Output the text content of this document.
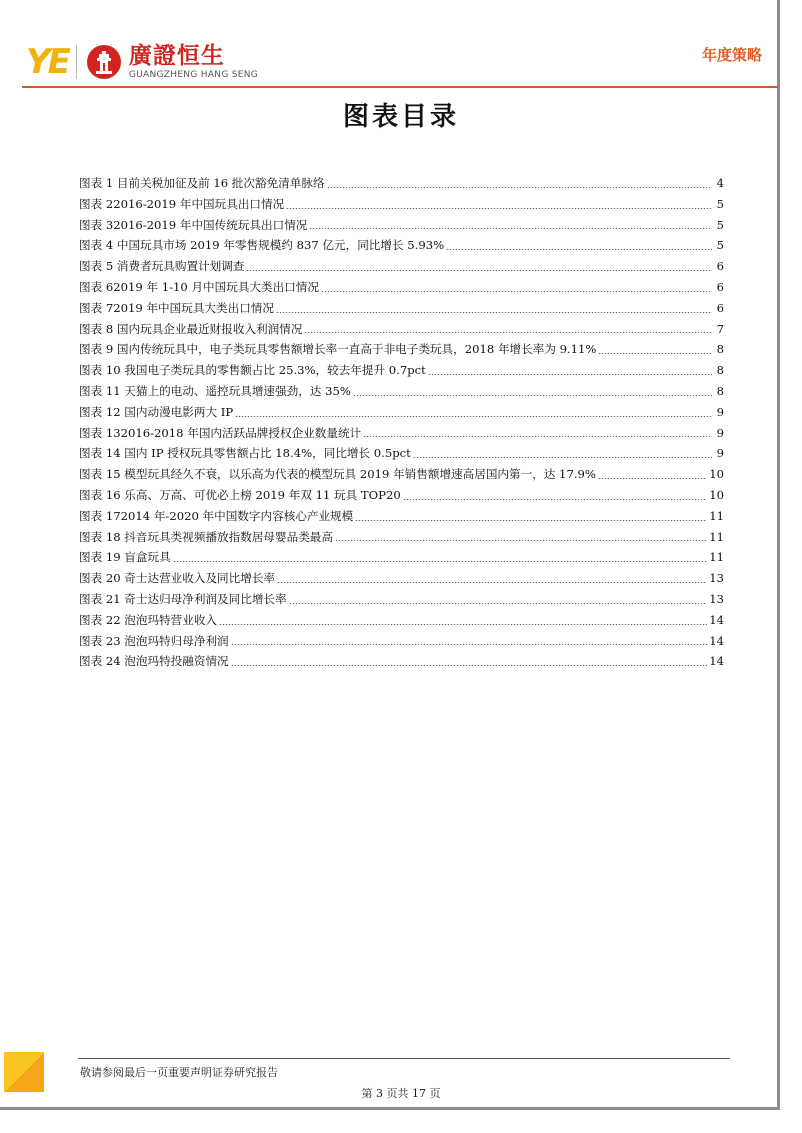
YE	廣證恒生
GUANGZHENG HANG SENG
年度策略
图表目录
图表 1 目前关税加征及前 16 批次豁免清单脉络	4
图表 22016-2019 年中国玩具出口情况	5
图表 32016-2019 年中国传统玩具出口情况	5
图表 4 中国玩具市场 2019 年零售规模约 837 亿元，同比增长 5.93%	5
图表 5 消费者玩具购置计划调查	6
图表 62019 年 1-10 月中国玩具大类出口情况	6
图表 72019 年中国玩具大类出口情况	6
图表 8 国内玩具企业最近财报收入利润情况	7
图表 9 国内传统玩具中，电子类玩具零售额增长率一直高于非电子类玩具，2018 年增长率为 9.11%	8
图表 10 我国电子类玩具的零售额占比 25.3%，较去年提升 0.7pct	8
图表 11 天猫上的电动、遥控玩具增速强劲，达 35%	8
图表 12 国内动漫电影两大 IP	9
图表 132016-2018 年国内活跃品牌授权企业数量统计	9
图表 14 国内 IP 授权玩具零售额占比 18.4%，同比增长 0.5pct	9
图表 15 模型玩具经久不衰，以乐高为代表的模型玩具 2019 年销售额增速高居国内第一，达 17.9%	10
图表 16 乐高、万高、可优必上榜 2019 年双 11 玩具 TOP20	10
图表 172014 年-2020 年中国数字内容核心产业规模	11
图表 18 抖音玩具类视频播放指数居母婴品类最高	11
图表 19 盲盒玩具	11
图表 20 奇士达营业收入及同比增长率	13
图表 21 奇士达归母净利润及同比增长率	13
图表 22 泡泡玛特营业收入	14
图表 23 泡泡玛特归母净利润	14
图表 24 泡泡玛特投融资情况	14
敬请参阅最后一页重要声明证券研究报告
第 3 页共 17 页
